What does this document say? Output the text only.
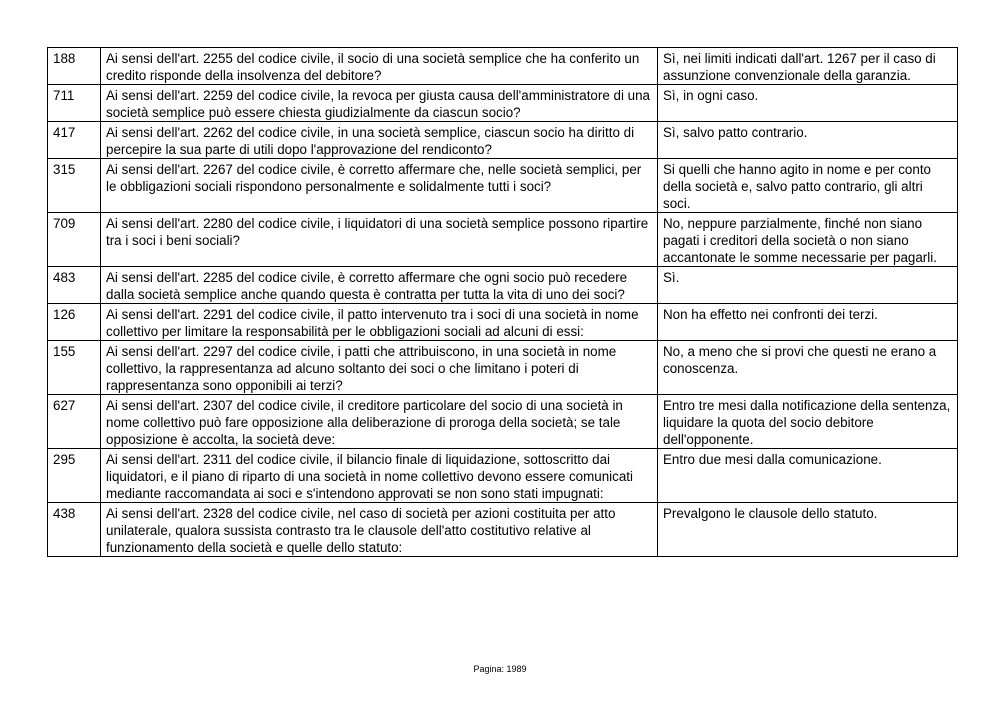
188	Ai sensi dell'art. 2255 del codice civile, il socio di una società semplice che ha conferito un credito risponde della insolvenza del debitore?	Sì, nei limiti indicati dall'art. 1267 per il caso di assunzione convenzionale della garanzia.
711	Ai sensi dell'art. 2259 del codice civile, la revoca per giusta causa dell'amministratore di una società semplice può essere chiesta giudizialmente da ciascun socio?	Sì, in ogni caso.
417	Ai sensi dell'art. 2262 del codice civile, in una società semplice, ciascun socio ha diritto di percepire la sua parte di utili dopo l'approvazione del rendiconto?	Sì, salvo patto contrario.
315	Ai sensi dell'art. 2267 del codice civile, è corretto affermare che, nelle società semplici, per le obbligazioni sociali rispondono personalmente e solidalmente tutti i soci?	Si quelli che hanno agito in nome e per conto della società e, salvo patto contrario, gli altri soci.
709	Ai sensi dell'art. 2280 del codice civile, i liquidatori di una società semplice possono ripartire tra i soci i beni sociali?	No, neppure parzialmente, finché non siano pagati i creditori della società o non siano accantonate le somme necessarie per pagarli.
483	Ai sensi dell'art. 2285 del codice civile, è corretto affermare che ogni socio può recedere dalla società semplice anche quando questa è contratta per tutta la vita di uno dei soci?	Sì.
126	Ai sensi dell'art. 2291 del codice civile, il patto intervenuto tra i soci di una società in nome collettivo per limitare la responsabilità per le obbligazioni sociali ad alcuni di essi:	Non ha effetto nei confronti dei terzi.
155	Ai sensi dell'art. 2297 del codice civile, i patti che attribuiscono, in una società in nome collettivo, la rappresentanza ad alcuno soltanto dei soci o che limitano i poteri di rappresentanza sono opponibili ai terzi?	No, a meno che si provi che questi ne erano a conoscenza.
627	Ai sensi dell'art. 2307 del codice civile, il creditore particolare del socio di una società in nome collettivo può fare opposizione alla deliberazione di proroga della società; se tale opposizione è accolta, la società deve:	Entro tre mesi dalla notificazione della sentenza, liquidare la quota del socio debitore dell'opponente.
295	Ai sensi dell'art. 2311 del codice civile, il bilancio finale di liquidazione, sottoscritto dai liquidatori, e il piano di riparto di una società in nome collettivo devono essere comunicati mediante raccomandata ai soci e s'intendono approvati se non sono stati impugnati:	Entro due mesi dalla comunicazione.
438	Ai sensi dell'art. 2328 del codice civile, nel caso di società per azioni costituita per atto unilaterale, qualora sussista contrasto tra le clausole dell'atto costitutivo relative al funzionamento della società e quelle dello statuto:	Prevalgono le clausole dello statuto.
Pagina: 1989
